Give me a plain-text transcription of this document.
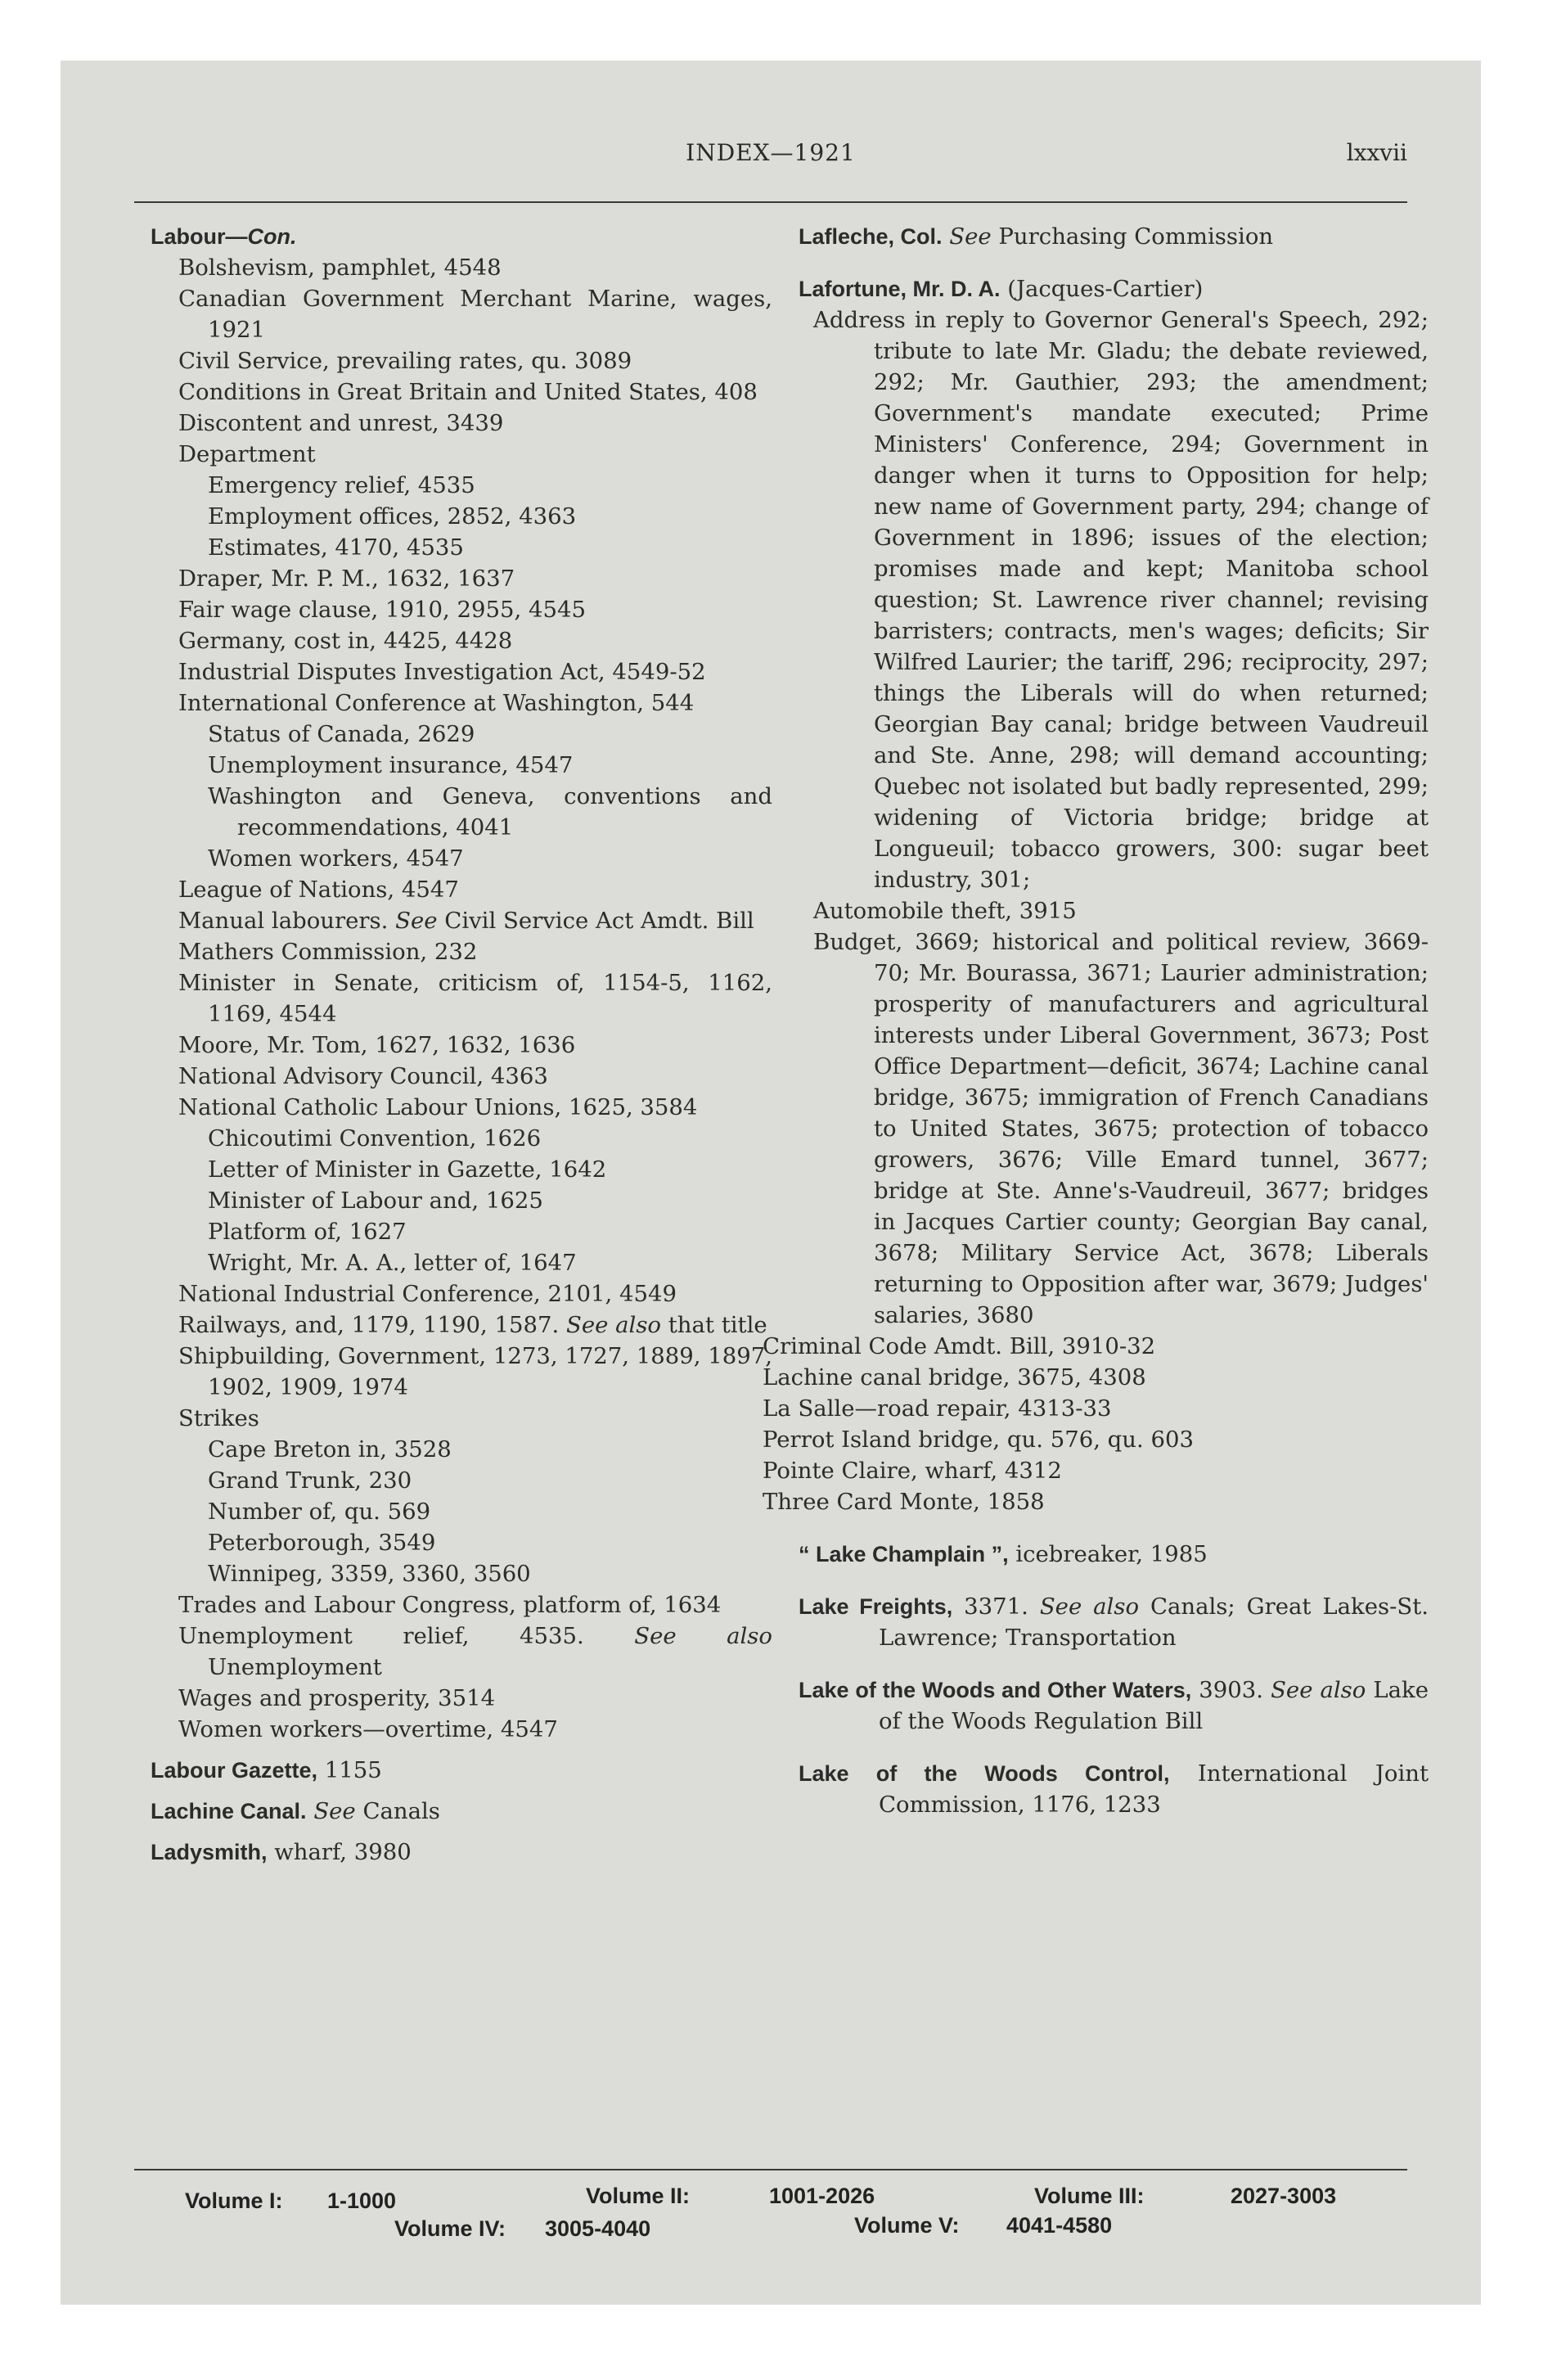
INDEX—1921	lxxvii

Labour—Con.

Bolshevism, pamphlet, 4548

Canadian Government Merchant Marine, wages, 1921

Civil Service, prevailing rates, qu. 3089

Conditions in Great Britain and United States, 408

Discontent and unrest, 3439

Department

Emergency relief, 4535

Employment offices, 2852, 4363

Estimates, 4170, 4535

Draper, Mr. P. M., 1632, 1637

Fair wage clause, 1910, 2955, 4545

Germany, cost in, 4425, 4428

Industrial Disputes Investigation Act, 4549-52

International Conference at Washington, 544

Status of Canada, 2629

Unemployment insurance, 4547

Washington and Geneva, conventions and recommendations, 4041

Women workers, 4547

League of Nations, 4547

Manual labourers. See Civil Service Act Amdt. Bill

Mathers Commission, 232

Minister in Senate, criticism of, 1154-5, 1162, 1169, 4544

Moore, Mr. Tom, 1627, 1632, 1636

National Advisory Council, 4363

National Catholic Labour Unions, 1625, 3584

Chicoutimi Convention, 1626

Letter of Minister in Gazette, 1642

Minister of Labour and, 1625

Platform of, 1627

Wright, Mr. A. A., letter of, 1647

National Industrial Conference, 2101, 4549

Railways, and, 1179, 1190, 1587. See also that title

Shipbuilding, Government, 1273, 1727, 1889, 1897, 1902, 1909, 1974

Strikes

Cape Breton in, 3528

Grand Trunk, 230

Number of, qu. 569

Peterborough, 3549

Winnipeg, 3359, 3360, 3560

Trades and Labour Congress, platform of, 1634

Unemployment relief, 4535. See also Unemployment

Wages and prosperity, 3514

Women workers—overtime, 4547

Labour Gazette, 1155

Lachine Canal. See Canals

Ladysmith, wharf, 3980

Lafleche, Col. See Purchasing Commission

Lafortune, Mr. D. A. (Jacques-Cartier)

Address in reply to Governor General's Speech, 292; tribute to late Mr. Gladu; the debate reviewed, 292; Mr. Gauthier, 293; the amendment; Government's mandate executed; Prime Ministers' Conference, 294; Government in danger when it turns to Opposition for help; new name of Government party, 294; change of Government in 1896; issues of the election; promises made and kept; Manitoba school question; St. Lawrence river channel; revising barristers; contracts, men's wages; deficits; Sir Wilfred Laurier; the tariff, 296; reciprocity, 297; things the Liberals will do when returned; Georgian Bay canal; bridge between Vaudreuil and Ste. Anne, 298; will demand accounting; Quebec not isolated but badly represented, 299; widening of Victoria bridge; bridge at Longueuil; tobacco growers, 300: sugar beet industry, 301;

Automobile theft, 3915

Budget, 3669; historical and political review, 3669-70; Mr. Bourassa, 3671; Laurier administration; prosperity of manufacturers and agricultural interests under Liberal Government, 3673; Post Office Department—deficit, 3674; Lachine canal bridge, 3675; immigration of French Canadians to United States, 3675; protection of tobacco growers, 3676; Ville Emard tunnel, 3677; bridge at Ste. Anne's-Vaudreuil, 3677; bridges in Jacques Cartier county; Georgian Bay canal, 3678; Military Service Act, 3678; Liberals returning to Opposition after war, 3679; Judges' salaries, 3680

Criminal Code Amdt. Bill, 3910-32

Lachine canal bridge, 3675, 4308

La Salle—road repair, 4313-33

Perrot Island bridge, qu. 576, qu. 603

Pointe Claire, wharf, 4312

Three Card Monte, 1858

“ Lake Champlain ”, icebreaker, 1985

Lake Freights, 3371. See also Canals; Great Lakes-St. Lawrence; Transportation

Lake of the Woods and Other Waters, 3903. See also Lake of the Woods Regulation Bill

Lake of the Woods Control, International Joint Commission, 1176, 1233

Volume I: 1-1000	Volume II:	1001-2026	Volume III:	2027-3003
Volume IV: 3005-4040	Volume V: 4041-4580
